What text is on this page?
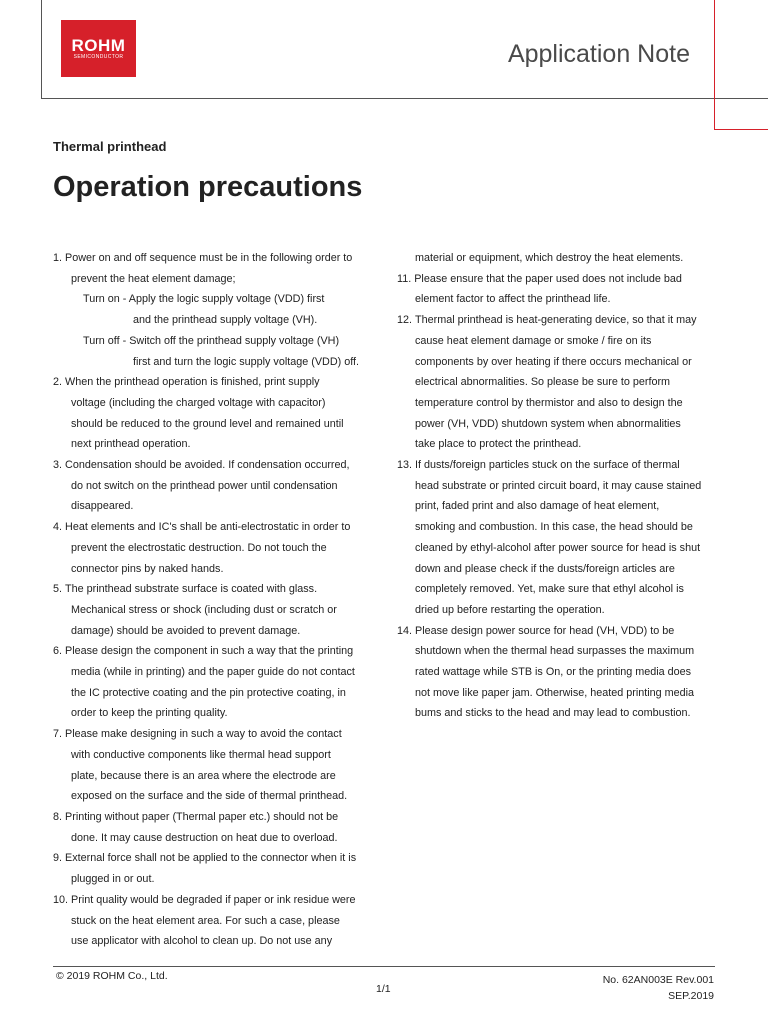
ROHM
SEMICONDUCTOR	Application Note
Thermal printhead
Operation precautions
1. Power on and off sequence must be in the following order to
prevent the heat element damage;
Turn on - Apply the logic supply voltage (VDD) first
and the printhead supply voltage (VH).
Turn off - Switch off the printhead supply voltage (VH)
first and turn the logic supply voltage (VDD) off.
2. When the printhead operation is finished, print supply
voltage (including the charged voltage with capacitor)
should be reduced to the ground level and remained until
next printhead operation.
3. Condensation should be avoided. If condensation occurred,
do not switch on the printhead power until condensation
disappeared.
4. Heat elements and IC's shall be anti-electrostatic in order to
prevent the electrostatic destruction. Do not touch the
connector pins by naked hands.
5. The printhead substrate surface is coated with glass.
Mechanical stress or shock (including dust or scratch or
damage) should be avoided to prevent damage.
6. Please design the component in such a way that the printing
media (while in printing) and the paper guide do not contact
the IC protective coating and the pin protective coating, in
order to keep the printing quality.
7. Please make designing in such a way to avoid the contact
with conductive components like thermal head support
plate, because there is an area where the electrode are
exposed on the surface and the side of thermal printhead.
8. Printing without paper (Thermal paper etc.) should not be
done. It may cause destruction on heat due to overload.
9. External force shall not be applied to the connector when it is
plugged in or out.
10. Print quality would be degraded if paper or ink residue were
stuck on the heat element area. For such a case, please
use applicator with alcohol to clean up. Do not use any
material or equipment, which destroy the heat elements.
11. Please ensure that the paper used does not include bad
element factor to affect the printhead life.
12. Thermal printhead is heat-generating device, so that it may
cause heat element damage or smoke / fire on its
components by over heating if there occurs mechanical or
electrical abnormalities. So please be sure to perform
temperature control by thermistor and also to design the
power (VH, VDD) shutdown system when abnormalities
take place to protect the printhead.
13. If dusts/foreign particles stuck on the surface of thermal
head substrate or printed circuit board, it may cause stained
print, faded print and also damage of heat element,
smoking and combustion. In this case, the head should be
cleaned by ethyl-alcohol after power source for head is shut
down and please check if the dusts/foreign articles are
completely removed. Yet, make sure that ethyl alcohol is
dried up before restarting the operation.
14. Please design power source for head (VH, VDD) to be
shutdown when the thermal head surpasses the maximum
rated wattage while STB is On, or the printing media does
not move like paper jam. Otherwise, heated printing media
bums and sticks to the head and may lead to combustion.
© 2019 ROHM Co., Ltd.
1/1
No. 62AN003E Rev.001
SEP.2019
